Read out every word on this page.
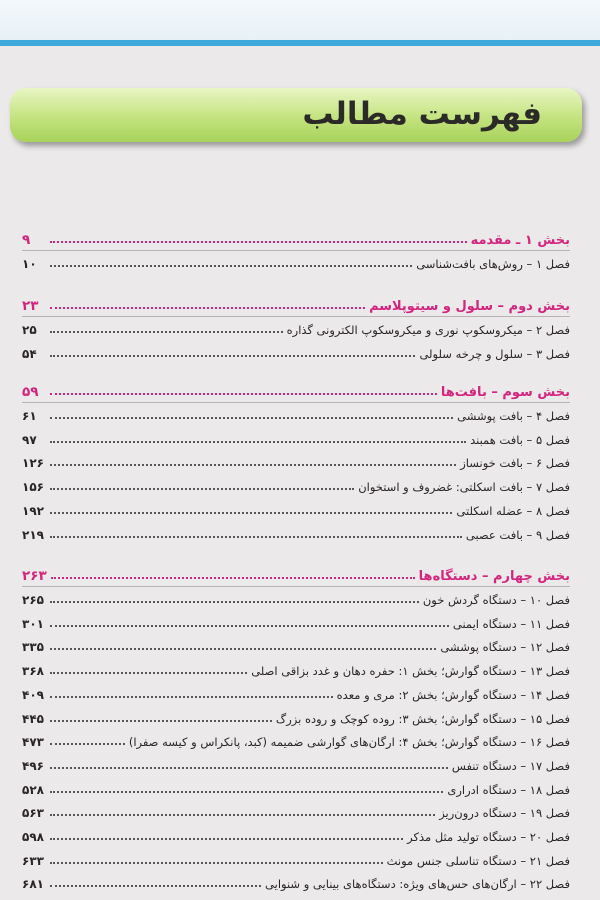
فهرست مطالب
بخش ۱ ـ مقدمه
۹
فصل ۱ – روش‌های بافت‌شناسی
۱۰
بخش دوم – سلول و سیتوپلاسم
۲۳
فصل ۲ – میکروسکوپ نوری و میکروسکوپ الکترونی گذاره
۲۵
فصل ۳ – سلول و چرخه سلولی
۵۴
بخش سوم – بافت‌ها
۵۹
فصل ۴ – بافت پوششی
۶۱
فصل ۵ – بافت همبند
۹۷
فصل ۶ – بافت خونساز
۱۲۶
فصل ۷ – بافت اسکلتی: غضروف و استخوان
۱۵۶
فصل ۸ – عضله اسکلتی
۱۹۲
فصل ۹ – بافت عصبی
۲۱۹
بخش چهارم – دستگاه‌ها
۲۶۳
فصل ۱۰ – دستگاه گردش خون
۲۶۵
فصل ۱۱ – دستگاه ایمنی
۳۰۱
فصل ۱۲ – دستگاه پوششی
۳۳۵
فصل ۱۳ – دستگاه گوارش؛ بخش ۱: حفره دهان و غدد بزاقی اصلی
۳۶۸
فصل ۱۴ – دستگاه گوارش؛ بخش ۲: مری و معده
۴۰۹
فصل ۱۵ – دستگاه گوارش؛ بخش ۳: روده کوچک و روده بزرگ
۴۴۵
فصل ۱۶ – دستگاه گوارش؛ بخش ۴: ارگان‌های گوارشی ضمیمه (کبد، پانکراس و کیسه صفرا)
۴۷۳
فصل ۱۷ – دستگاه تنفس
۴۹۶
فصل ۱۸ – دستگاه ادراری
۵۲۸
فصل ۱۹ – دستگاه درون‌ریز
۵۶۳
فصل ۲۰ – دستگاه تولید مثل مذکر
۵۹۸
فصل ۲۱ – دستگاه تناسلی جنس مونث
۶۳۳
فصل ۲۲ – ارگان‌های حس‌های ویژه: دستگاه‌های بینایی و شنوایی
۶۸۱
